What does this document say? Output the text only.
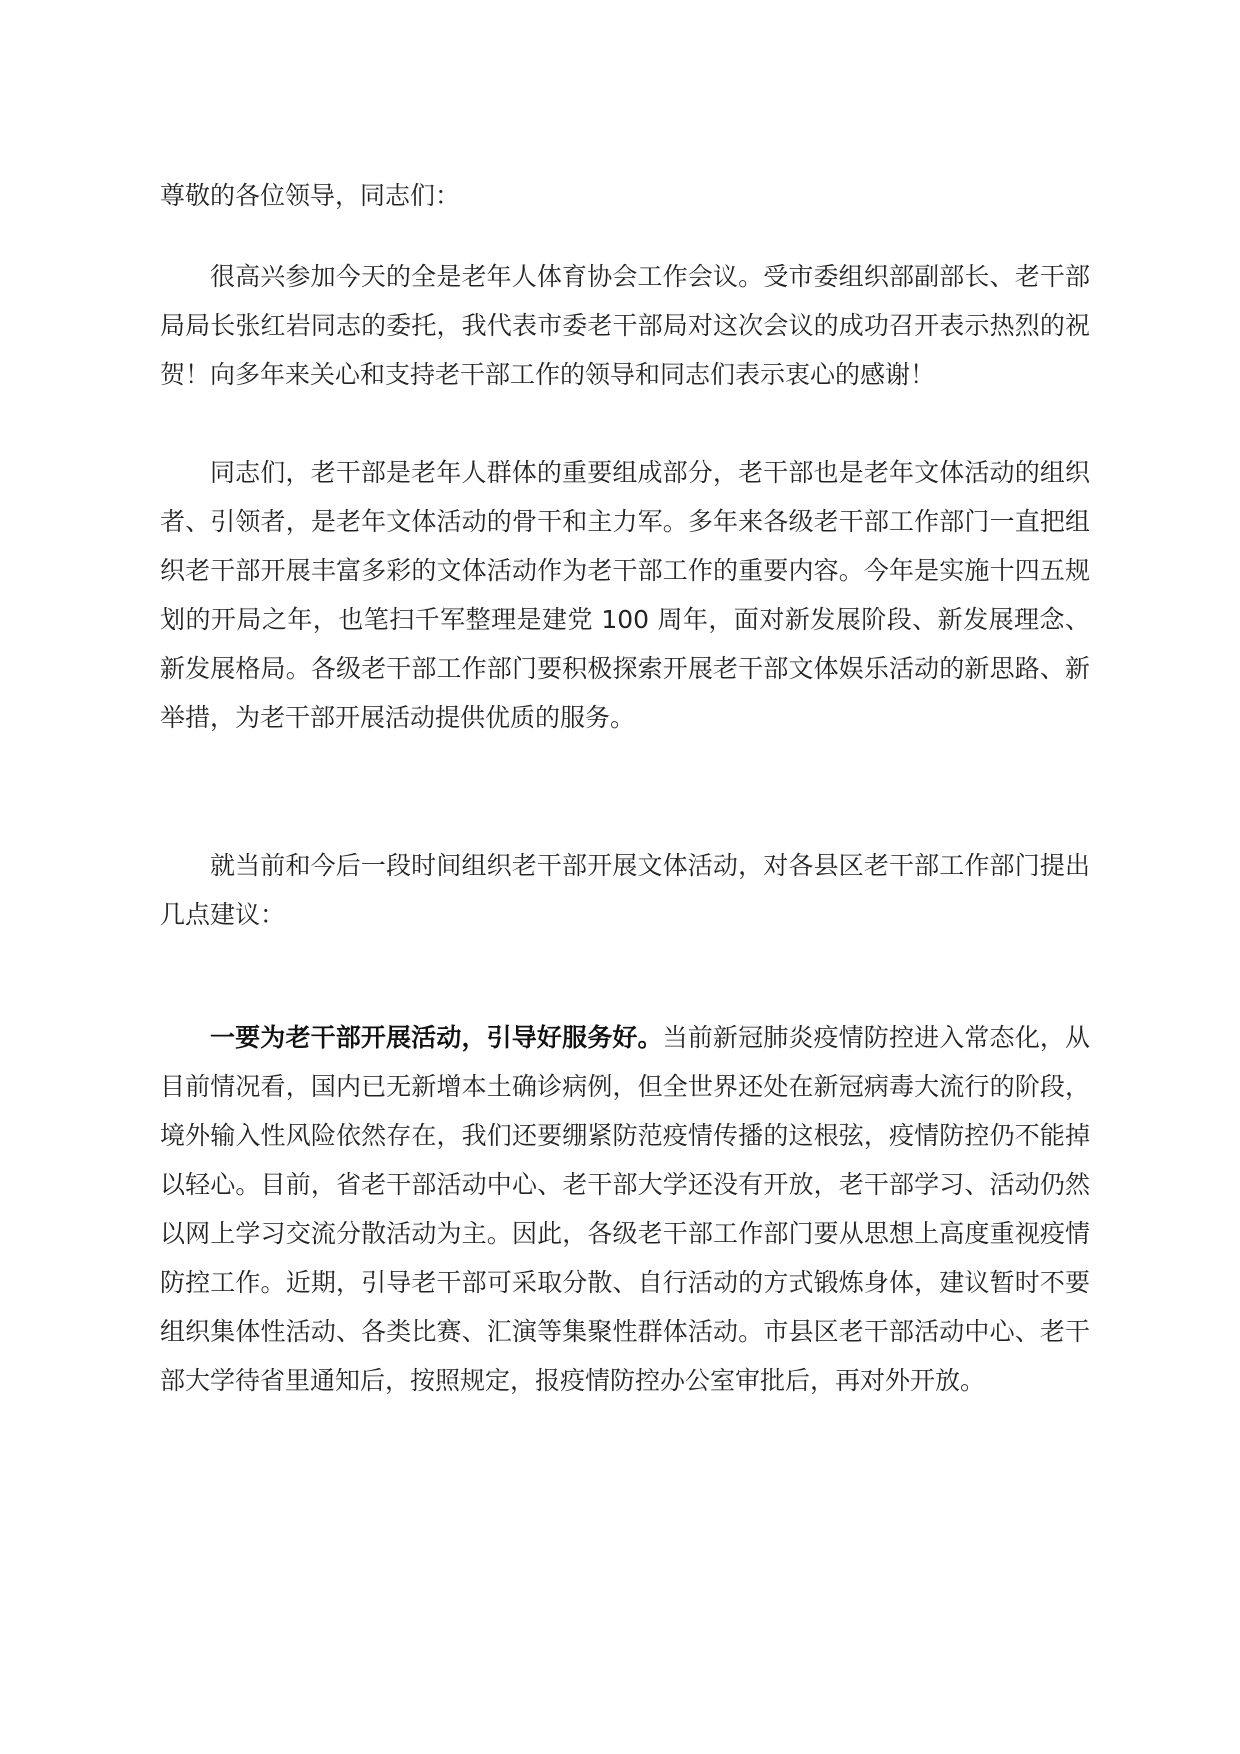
尊敬的各位领导，同志们：
很高兴参加今天的全是老年人体育协会工作会议。受市委组织部副部长、老干部局局长张红岩同志的委托，我代表市委老干部局对这次会议的成功召开表示热烈的祝贺！向多年来关心和支持老干部工作的领导和同志们表示衷心的感谢！
同志们，老干部是老年人群体的重要组成部分，老干部也是老年文体活动的组织者、引领者，是老年文体活动的骨干和主力军。多年来各级老干部工作部门一直把组织老干部开展丰富多彩的文体活动作为老干部工作的重要内容。今年是实施十四五规划的开局之年，也笔扫千军整理是建党 100 周年，面对新发展阶段、新发展理念、新发展格局。各级老干部工作部门要积极探索开展老干部文体娱乐活动的新思路、新举措，为老干部开展活动提供优质的服务。
就当前和今后一段时间组织老干部开展文体活动，对各县区老干部工作部门提出几点建议：
一要为老干部开展活动，引导好服务好。当前新冠肺炎疫情防控进入常态化，从目前情况看，国内已无新增本土确诊病例，但全世界还处在新冠病毒大流行的阶段，境外输入性风险依然存在，我们还要绷紧防范疫情传播的这根弦，疫情防控仍不能掉以轻心。目前，省老干部活动中心、老干部大学还没有开放，老干部学习、活动仍然以网上学习交流分散活动为主。因此，各级老干部工作部门要从思想上高度重视疫情防控工作。近期，引导老干部可采取分散、自行活动的方式锻炼身体，建议暂时不要组织集体性活动、各类比赛、汇演等集聚性群体活动。市县区老干部活动中心、老干部大学待省里通知后，按照规定，报疫情防控办公室审批后，再对外开放。
